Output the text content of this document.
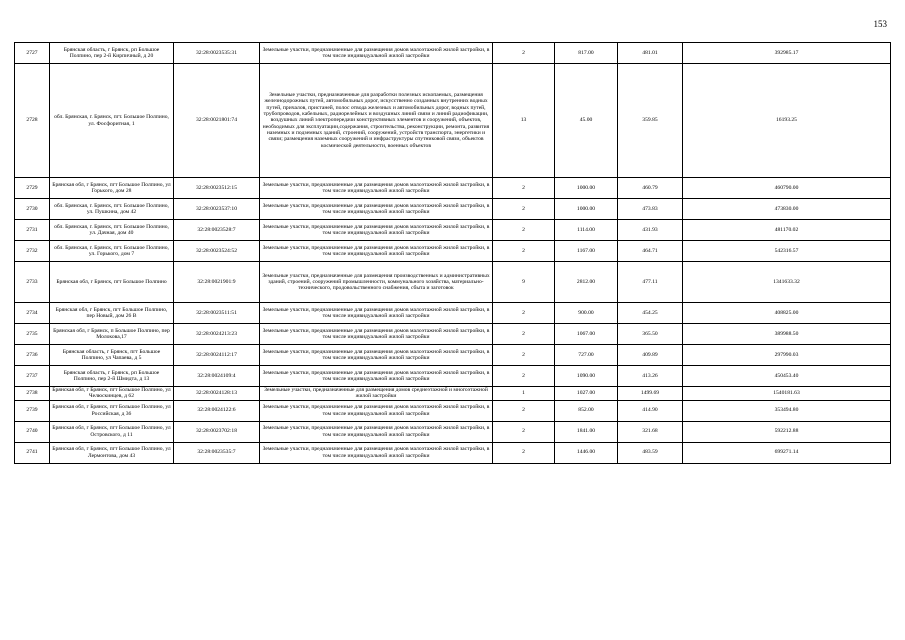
153
2727	Брянская область, г Брянск, рп Большое Полпино, пер 2-й Кирпичный, д 20	32:28:0023535:31	Земельные участки, предназначенные для размещения домов малоэтажной жилой застройки, в том числе индивидуальной жилой застройки	2	817.00	481.01	392985.17
2728	обл. Брянская, г. Брянск, пгт. Большое Полпино, ул. Фосфоритная, 1	32:28:0021801:74	Земельные участки, предназначенные для разработки полезных ископаемых, размещения железнодорожных путей, автомобильных дорог, искусственно созданных внутренних водных путей, причалов, пристаней, полос отвода железных и автомобильных дорог, водных путей, трубопроводов, кабельных, радиорелейных и воздушных линий связи и линий радиофикации, воздушных линий электропередачи конструктивных элементов и сооружений, объектов, необходимых для эксплуатации,содержания, строительства, реконструкции, ремонта, развития наземных и подземных зданий, строений, сооружений, устройств транспорта, энергетики и связи; размещения наземных сооружений и инфраструктуры спутниковой связи, объектов космической деятельности, военных объектов	13	45.00	359.85	16193.25
2729	Брянская обл, г Брянск, пгт Большое Полпино, ул Горького, дом 28	32:28:0023512:15	Земельные участки, предназначенные для размещения домов малоэтажной жилой застройки, в том числе индивидуальной жилой застройки	2	1000.00	460.79	460790.00
2730	обл. Брянская, г. Брянск, пгт. Большое Полпино, ул. Пушкина, дом 42	32:28:0023537:10	Земельные участки, предназначенные для размещения домов малоэтажной жилой застройки, в том числе индивидуальной жилой застройки	2	1000.00	473.83	473830.00
2731	обл. Брянская, г. Брянск, пгт. Большое Полпино, ул. Дачная, дом 40	32:28:0023528:7	Земельные участки, предназначенные для размещения домов малоэтажной жилой застройки, в том числе индивидуальной жилой застройки	2	1114.00	431.93	481170.02
2732	обл. Брянская, г. Брянск, пгт. Большое Полпино, ул. Горького, дом 7	32:28:0023524:52	Земельные участки, предназначенные для размещения домов малоэтажной жилой застройки, в том числе индивидуальной жилой застройки	2	1167.00	464.71	542316.57
2733	Брянская обл, г Брянск, пгт Большое Полпино	32:28:0021901:9	Земельные участки, предназначенные для размещения производственных и административных зданий, строений, сооружений промышленности, коммунального хозяйства, материально-технического, продовольственного снабжения, сбыта и заготовок	9	2812.00	477.11	1341633.32
2734	Брянская обл, г Брянск, пгт Большое Полпино, пер Новый, дом 26 В	32:28:0023511:51	Земельные участки, предназначенные для размещения домов малоэтажной жилой застройки, в том числе индивидуальной жилой застройки	2	900.00	454.25	408825.00
2735	Брянская обл, г Брянск, п Большое Полпино, пер Молокова,17	32:28:0024213:23	Земельные участки, предназначенные для размещения домов малоэтажной жилой застройки, в том числе индивидуальной жилой застройки	2	1067.00	365.50	389988.50
2736	Брянская область, г Брянск, пгт Большое Полпино, ул Чапаева, д 5	32:28:0024112:17	Земельные участки, предназначенные для размещения домов малоэтажной жилой застройки, в том числе индивидуальной жилой застройки	2	727.00	409.89	297990.03
2737	Брянская область, г Брянск, рп Большое Полпино, пер 2-й Шмидта, д 13	32:28:0024109:4	Земельные участки, предназначенные для размещения домов малоэтажной жилой застройки, в том числе индивидуальной жилой застройки	2	1090.00	413.26	450453.40
2738	Брянская обл, г Брянск, пгт Большое Полпино, ул Челюскинцев, д 62	32:28:0024128:13	Земельные участки, предназначенные для размещения домов среднеэтажной и многоэтажной жилой застройки	1	1027.00	1499.69	1540181.63
2739	Брянская обл, г Брянск, пгт Большое Полпино, ул Российская, д 36	32:28:0024122:6	Земельные участки, предназначенные для размещения домов малоэтажной жилой застройки, в том числе индивидуальной жилой застройки	2	852.00	414.90	353494.80
2740	Брянская обл, г Брянск, пгт Большое Полпино, ул Островского, д 11	32:28:0023702:18	Земельные участки, предназначенные для размещения домов малоэтажной жилой застройки, в том числе индивидуальной жилой застройки	2	1841.00	321.68	592212.88
2741	Брянская обл, г Брянск, пгт Большое Полпино, ул Лермонтова, дом 43	32:28:0023535:7	Земельные участки, предназначенные для размещения домов малоэтажной жилой застройки, в том числе индивидуальной жилой застройки	2	1446.00	483.59	699271.14
